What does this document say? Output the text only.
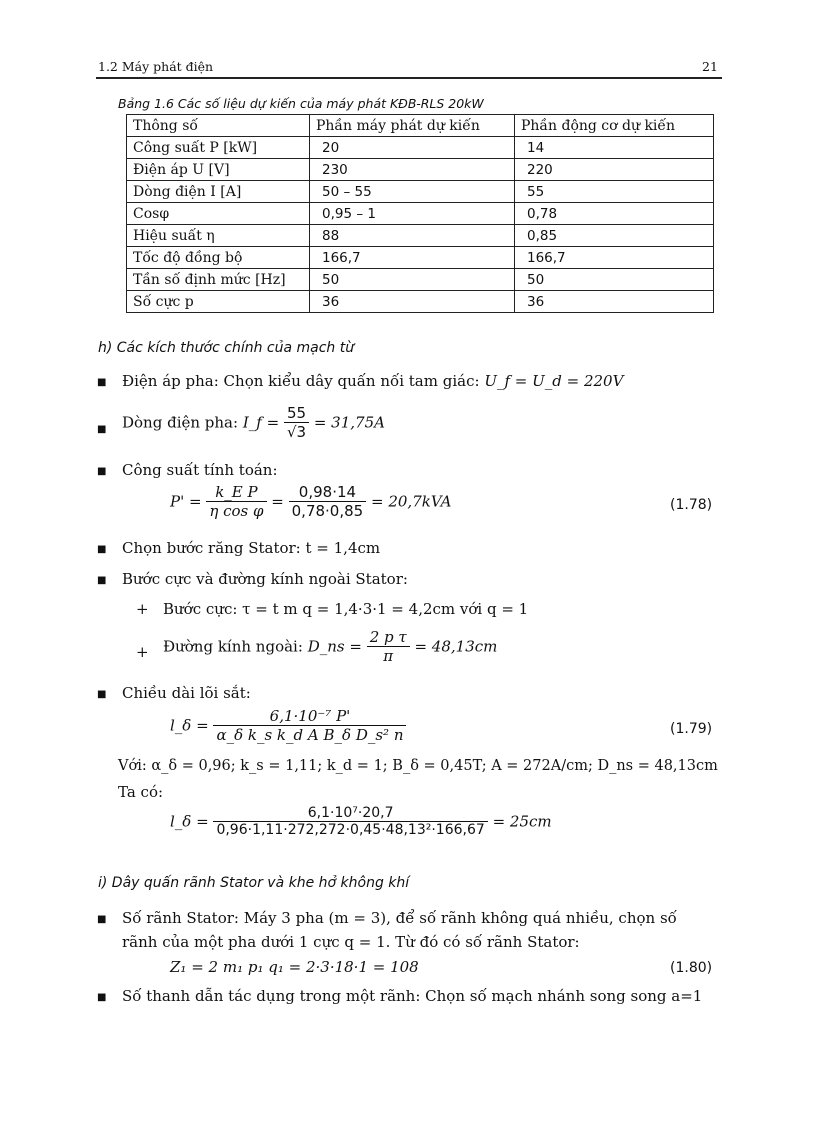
1.2 Máy phát điện	21
Bảng 1.6 Các số liệu dự kiến của máy phát KĐB-RLS 20kW
Thông số	Phần máy phát dự kiến	Phần động cơ dự kiến
Công suất P [kW]	20	14
Điện áp U [V]	230	220
Dòng điện I [A]	50 – 55	55
Cosφ	0,95 – 1	0,78
Hiệu suất η	88	0,85
Tốc độ đồng bộ	166,7	166,7
Tần số định mức [Hz]	50	50
Số cực p	36	36
h) Các kích thước chính của mạch từ
■ Điện áp pha: Chọn kiểu dây quấn nối tam giác: U_f = U_d = 220V
■ Dòng điện pha: I_f = $\frac{55}{√3} = 31,75A$
■ Công suất tính toán:
$P' = \frac{\text{k\_E P}}{\text{η cos φ}} = \frac{0,98\cdot 14}{0,78\cdot 0,85} = 20,7kVA$	(1.78)
■ Chọn bước răng Stator: t = 1,4cm
■ Bước cực và đường kính ngoài Stator:
+ Bước cực: τ = t m q = 1,4·3·1 = 4,2cm với q = 1
+ Đường kính ngoài: D_ns = $\frac{\text{2 p τ}}{\pi} = 48,13cm$
■ Chiều dài lõi sắt:
l_δ = $\frac{\text{6,1·10⁻⁷ P'}}{\text{α\_δ k\_s k\_d A B\_δ D\_s² n}}$	(1.79)
Với: α_δ = 0,96; k_s = 1,11; k_d = 1; B_δ = 0,45T; A = 272A/cm; D_ns = 48,13cm
Ta có:
l_δ = $\frac{\text{6,1·10⁷·20,7}}{\text{0,96·1,11·272,272·0,45·48,13²·166,67}} = 25cm$
i) Dây quấn rãnh Stator và khe hở không khí
■ Số rãnh Stator: Máy 3 pha (m = 3), để số rãnh không quá nhiều, chọn số
rãnh của một pha dưới 1 cực q = 1. Từ đó có số rãnh Stator:
Z₁ = 2 m₁ p₁ q₁ = 2·3·18·1 = 108	(1.80)
■ Số thanh dẫn tác dụng trong một rãnh: Chọn số mạch nhánh song song a=1
